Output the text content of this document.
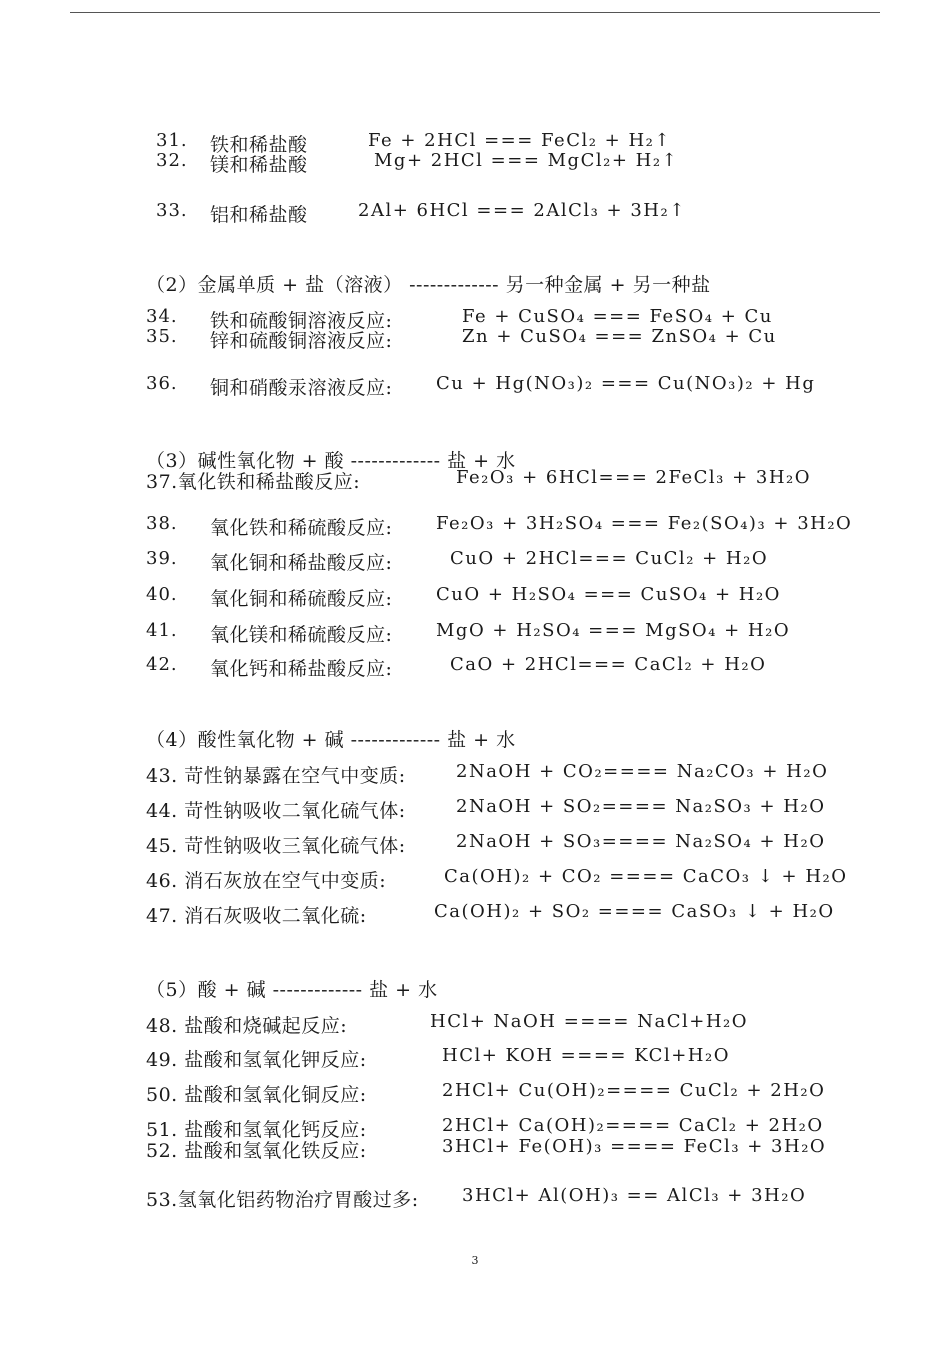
31. 铁和稀盐酸	Fe + 2HCl === FeCl₂ + H₂↑
32. 镁和稀盐酸	Mg+ 2HCl === MgCl₂+ H₂↑
33. 铝和稀盐酸	2Al+ 6HCl === 2AlCl₃ + 3H₂↑
（2）金属单质 + 盐（溶液） ------------- 另一种金属 + 另一种盐
34. 铁和硫酸铜溶液反应:	Fe + CuSO₄ === FeSO₄ + Cu
35. 锌和硫酸铜溶液反应:	Zn + CuSO₄ === ZnSO₄ + Cu
36. 铜和硝酸汞溶液反应: Cu + Hg(NO₃)₂ === Cu(NO₃)₂ + Hg
（3）碱性氧化物 + 酸 ------------- 盐 + 水
37.氧化铁和稀盐酸反应:	Fe₂O₃ + 6HCl=== 2FeCl₃ + 3H₂O
38. 氧化铁和稀硫酸反应: Fe₂O₃ + 3H₂SO₄ === Fe₂(SO₄)₃ + 3H₂O
39. 氧化铜和稀盐酸反应:	CuO + 2HCl=== CuCl₂ + H₂O
40. 氧化铜和稀硫酸反应: CuO + H₂SO₄ === CuSO₄ + H₂O
41. 氧化镁和稀硫酸反应: MgO + H₂SO₄ === MgSO₄ + H₂O
42. 氧化钙和稀盐酸反应:	CaO + 2HCl=== CaCl₂ + H₂O
（4）酸性氧化物 + 碱 ------------- 盐 + 水
43. 苛性钠暴露在空气中变质:	2NaOH + CO₂==== Na₂CO₃ + H₂O
44. 苛性钠吸收二氧化硫气体:	2NaOH + SO₂==== Na₂SO₃ + H₂O
45. 苛性钠吸收三氧化硫气体:	2NaOH + SO₃==== Na₂SO₄ + H₂O
46. 消石灰放在空气中变质:	Ca(OH)₂ + CO₂ ==== CaCO₃ ↓ + H₂O
47. 消石灰吸收二氧化硫:	Ca(OH)₂ + SO₂ ==== CaSO₃ ↓ + H₂O
（5）酸 + 碱 ------------- 盐 + 水
48. 盐酸和烧碱起反应:	HCl+ NaOH ==== NaCl+H₂O
49. 盐酸和氢氧化钾反应:	HCl+ KOH ==== KCl+H₂O
50. 盐酸和氢氧化铜反应:	2HCl+ Cu(OH)₂==== CuCl₂ + 2H₂O
51. 盐酸和氢氧化钙反应:	2HCl+ Ca(OH)₂==== CaCl₂ + 2H₂O
52. 盐酸和氢氧化铁反应:	3HCl+ Fe(OH)₃ ==== FeCl₃ + 3H₂O
53.氢氧化铝药物治疗胃酸过多: 3HCl+ Al(OH)₃ == AlCl₃ + 3H₂O
3
